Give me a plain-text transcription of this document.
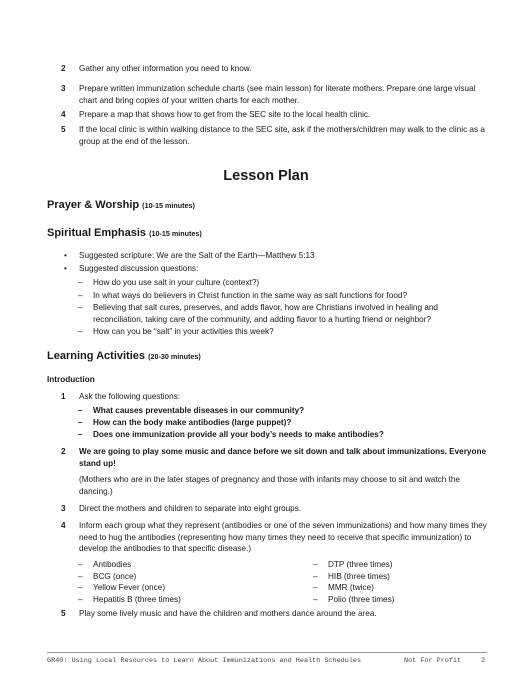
2 Gather any other information you need to know.
3 Prepare written immunization schedule charts (see main lesson) for literate mothers. Prepare one large visual chart and bring copies of your written charts for each mother.
4 Prepare a map that shows how to get from the SEC site to the local health clinic.
5 If the local clinic is within walking distance to the SEC site, ask if the mothers/children may walk to the clinic as a group at the end of the lesson.
Lesson Plan
Prayer & Worship (10-15 minutes)
Spiritual Emphasis (10-15 minutes)
• Suggested scripture: We are the Salt of the Earth—Matthew 5:13
• Suggested discussion questions:
– How do you use salt in your culture (context?)
– In what ways do believers in Christ function in the same way as salt functions for food?
– Believing that salt cures, preserves, and adds flavor, how are Christians involved in healing and reconciliation, taking care of the community, and adding flavor to a hurting friend or neighbor?
– How can you be “salt” in your activities this week?
Learning Activities (20-30 minutes)
Introduction
1 Ask the following questions:
– What causes preventable diseases in our community?
– How can the body make antibodies (large puppet)?
– Does one immunization provide all your body’s needs to make antibodies?
2 We are going to play some music and dance before we sit down and talk about immunizations. Everyone stand up!
(Mothers who are in the later stages of pregnancy and those with infants may choose to sit and watch the dancing.)
3 Direct the mothers and children to separate into eight groups.
4 Inform each group what they represent (antibodies or one of the seven immunizations) and how many times they need to hug the antibodies (representing how many times they need to receive that specific immunization) to develop the antibodies to that specific disease.)
– Antibodies
– BCG (once)
– Yellow Fever (once)
– Hepatitis B (three times)
– DTP (three times)
– HIB (three times)
– MMR (twice)
– Polio (three times)
5 Play some lively music and have the children and mothers dance around the area.
GR40: Using Local Resources to Learn About Immunizations and Health Schedules	Not For Profit	2
